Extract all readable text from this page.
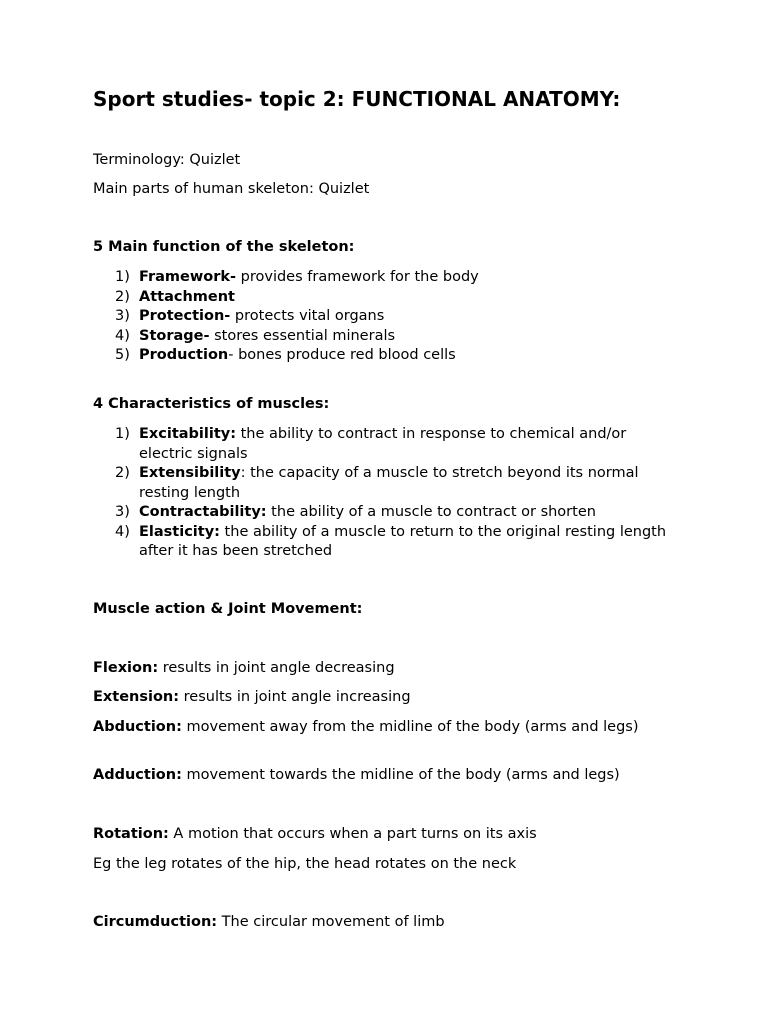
Sport studies- topic 2: FUNCTIONAL ANATOMY:

Terminology: Quizlet

Main parts of human skeleton: Quizlet

5 Main function of the skeleton:

1) Framework- provides framework for the body
2) Attachment
3) Protection- protects vital organs
4) Storage- stores essential minerals
5) Production- bones produce red blood cells

4 Characteristics of muscles:

1) Excitability: the ability to contract in response to chemical and/or electric signals
2) Extensibility: the capacity of a muscle to stretch beyond its normal resting length
3) Contractability: the ability of a muscle to contract or shorten
4) Elasticity: the ability of a muscle to return to the original resting length after it has been stretched

Muscle action & Joint Movement:

Flexion: results in joint angle decreasing

Extension: results in joint angle increasing

Abduction: movement away from the midline of the body (arms and legs)

Adduction: movement towards the midline of the body (arms and legs)

Rotation: A motion that occurs when a part turns on its axis

Eg the leg rotates of the hip, the head rotates on the neck

Circumduction: The circular movement of limb
